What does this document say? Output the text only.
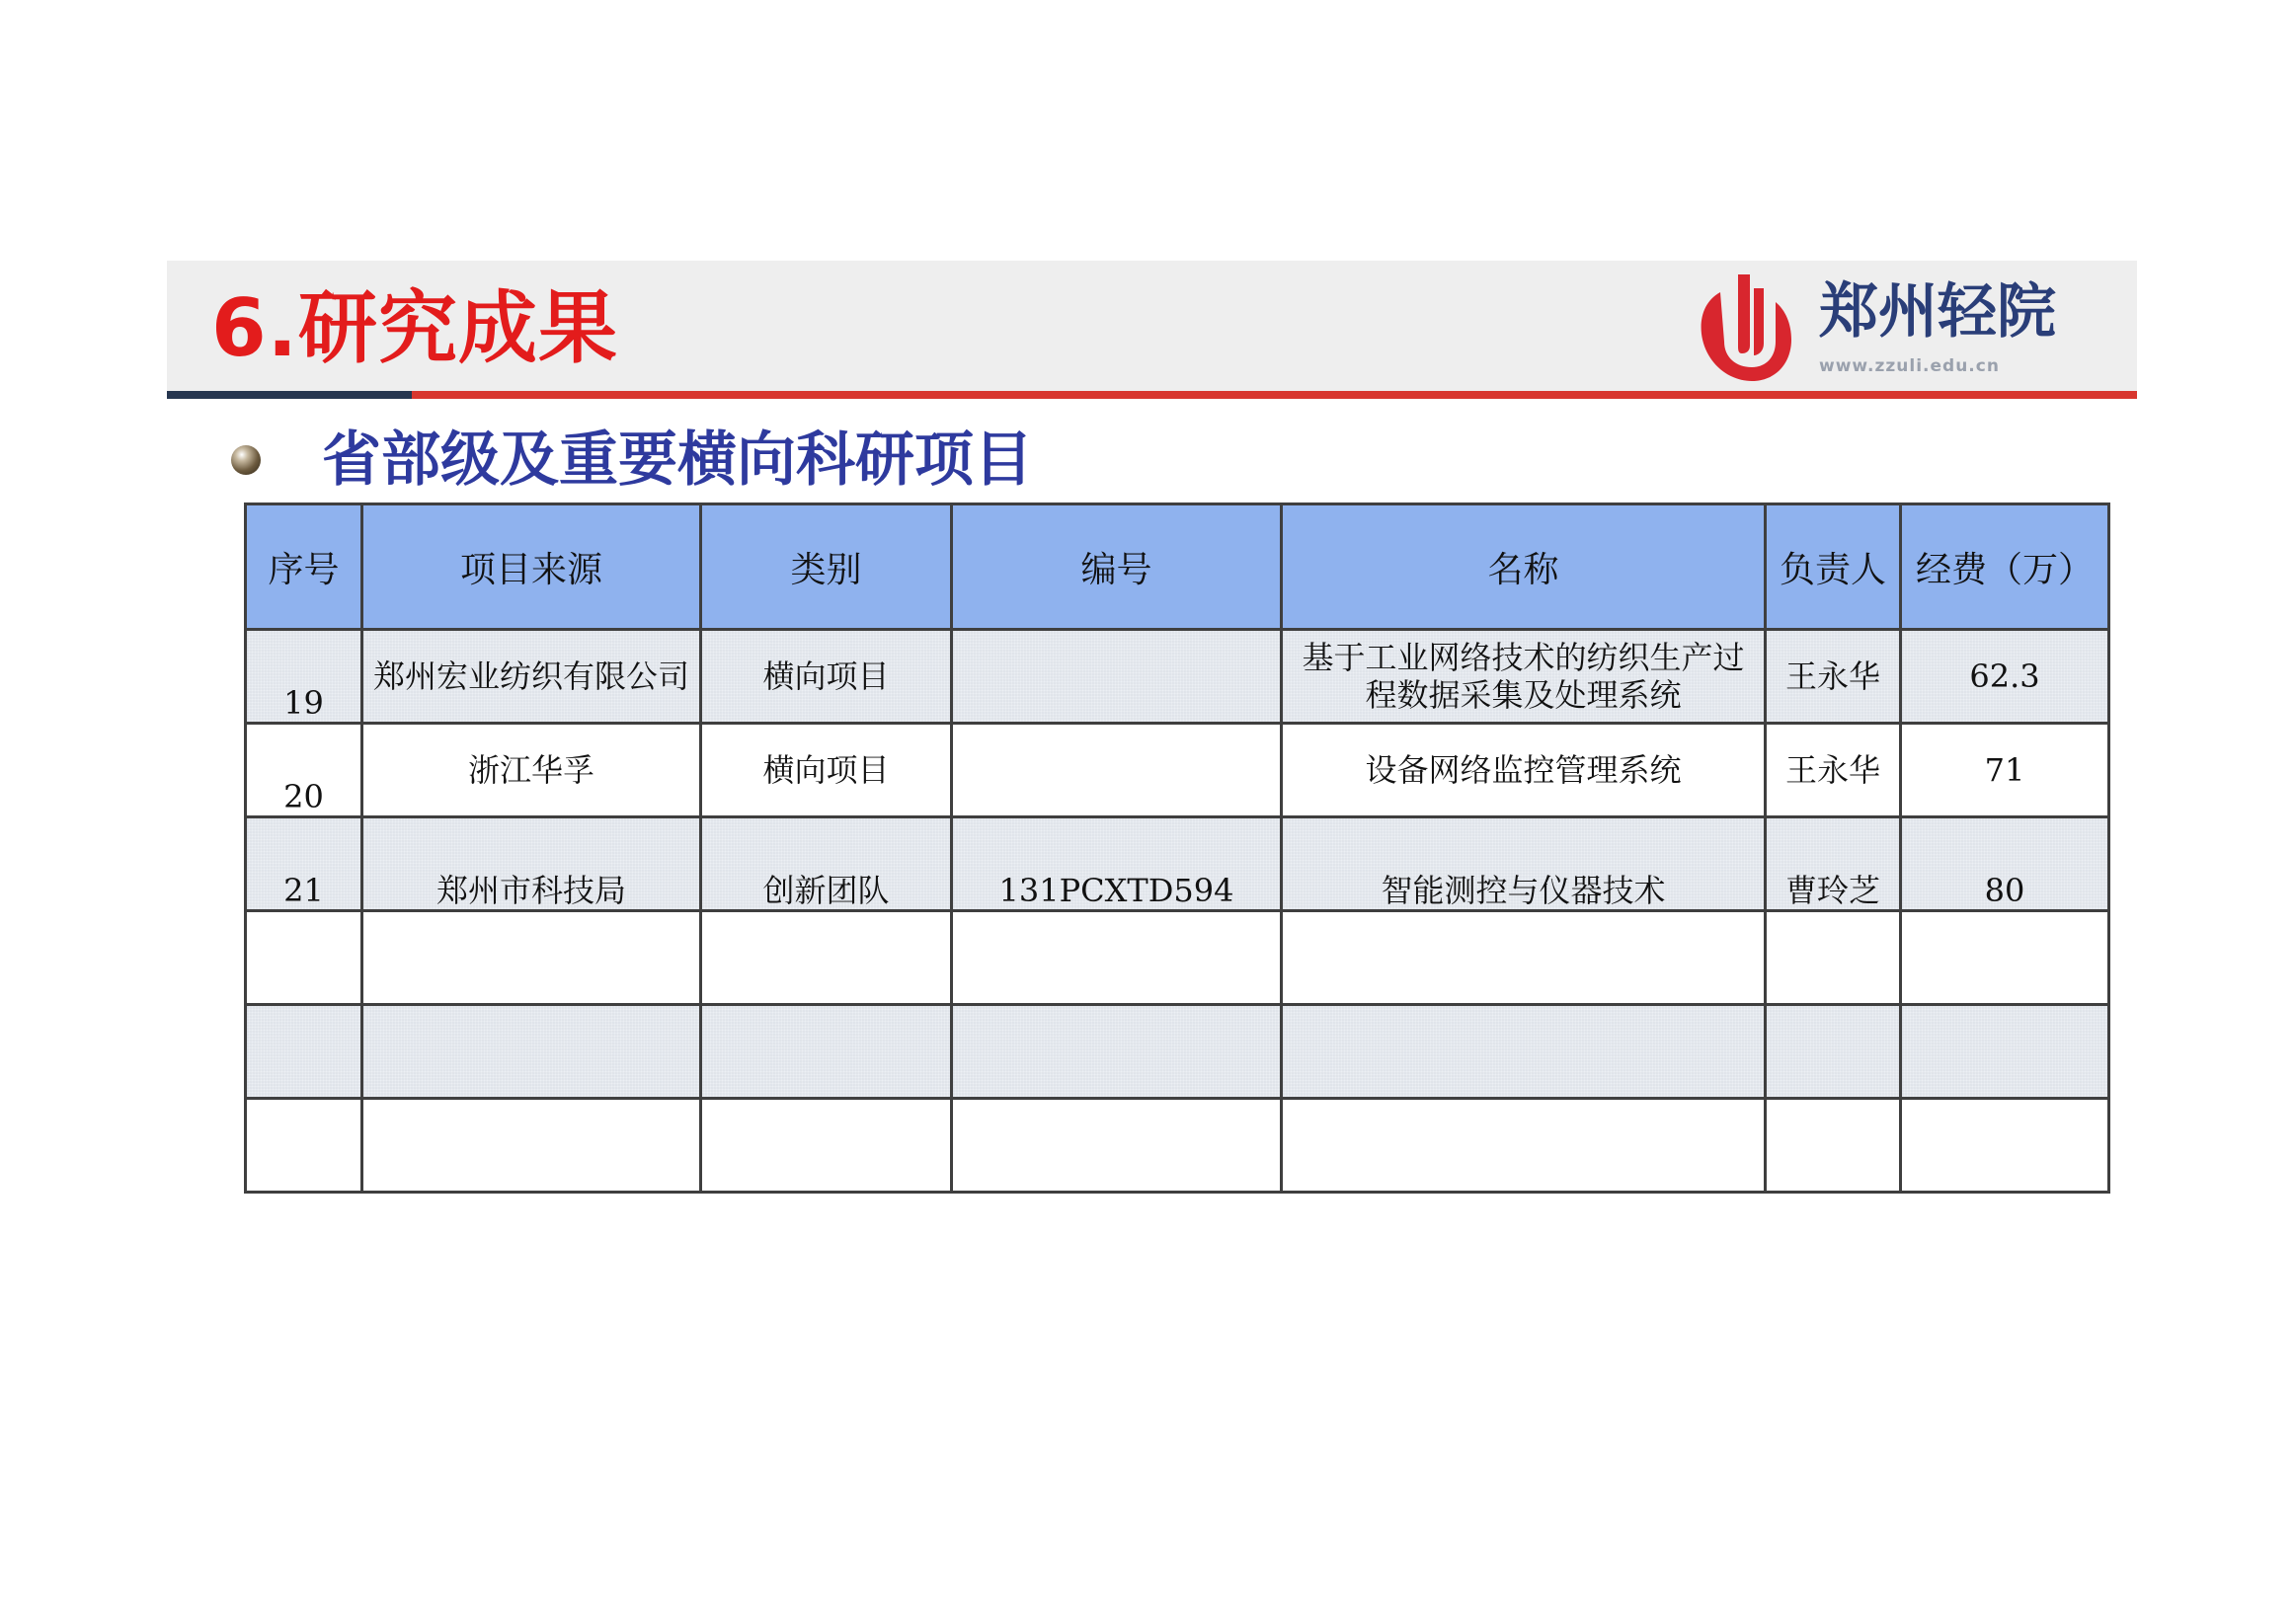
6.研究成果	郑州轻院
www.zzuli.edu.cn
省部级及重要横向科研项目
序号	项目来源	类别	编号	名称	负责人	经费（万）
19	郑州宏业纺织有限公司	横向项目		基于工业网络技术的纺织生产过程数据采集及处理系统	王永华	62.3
20	浙江华孚	横向项目		设备网络监控管理系统	王永华	71
21	郑州市科技局	创新团队	131PCXTD594	智能测控与仪器技术	曹玲芝	80
